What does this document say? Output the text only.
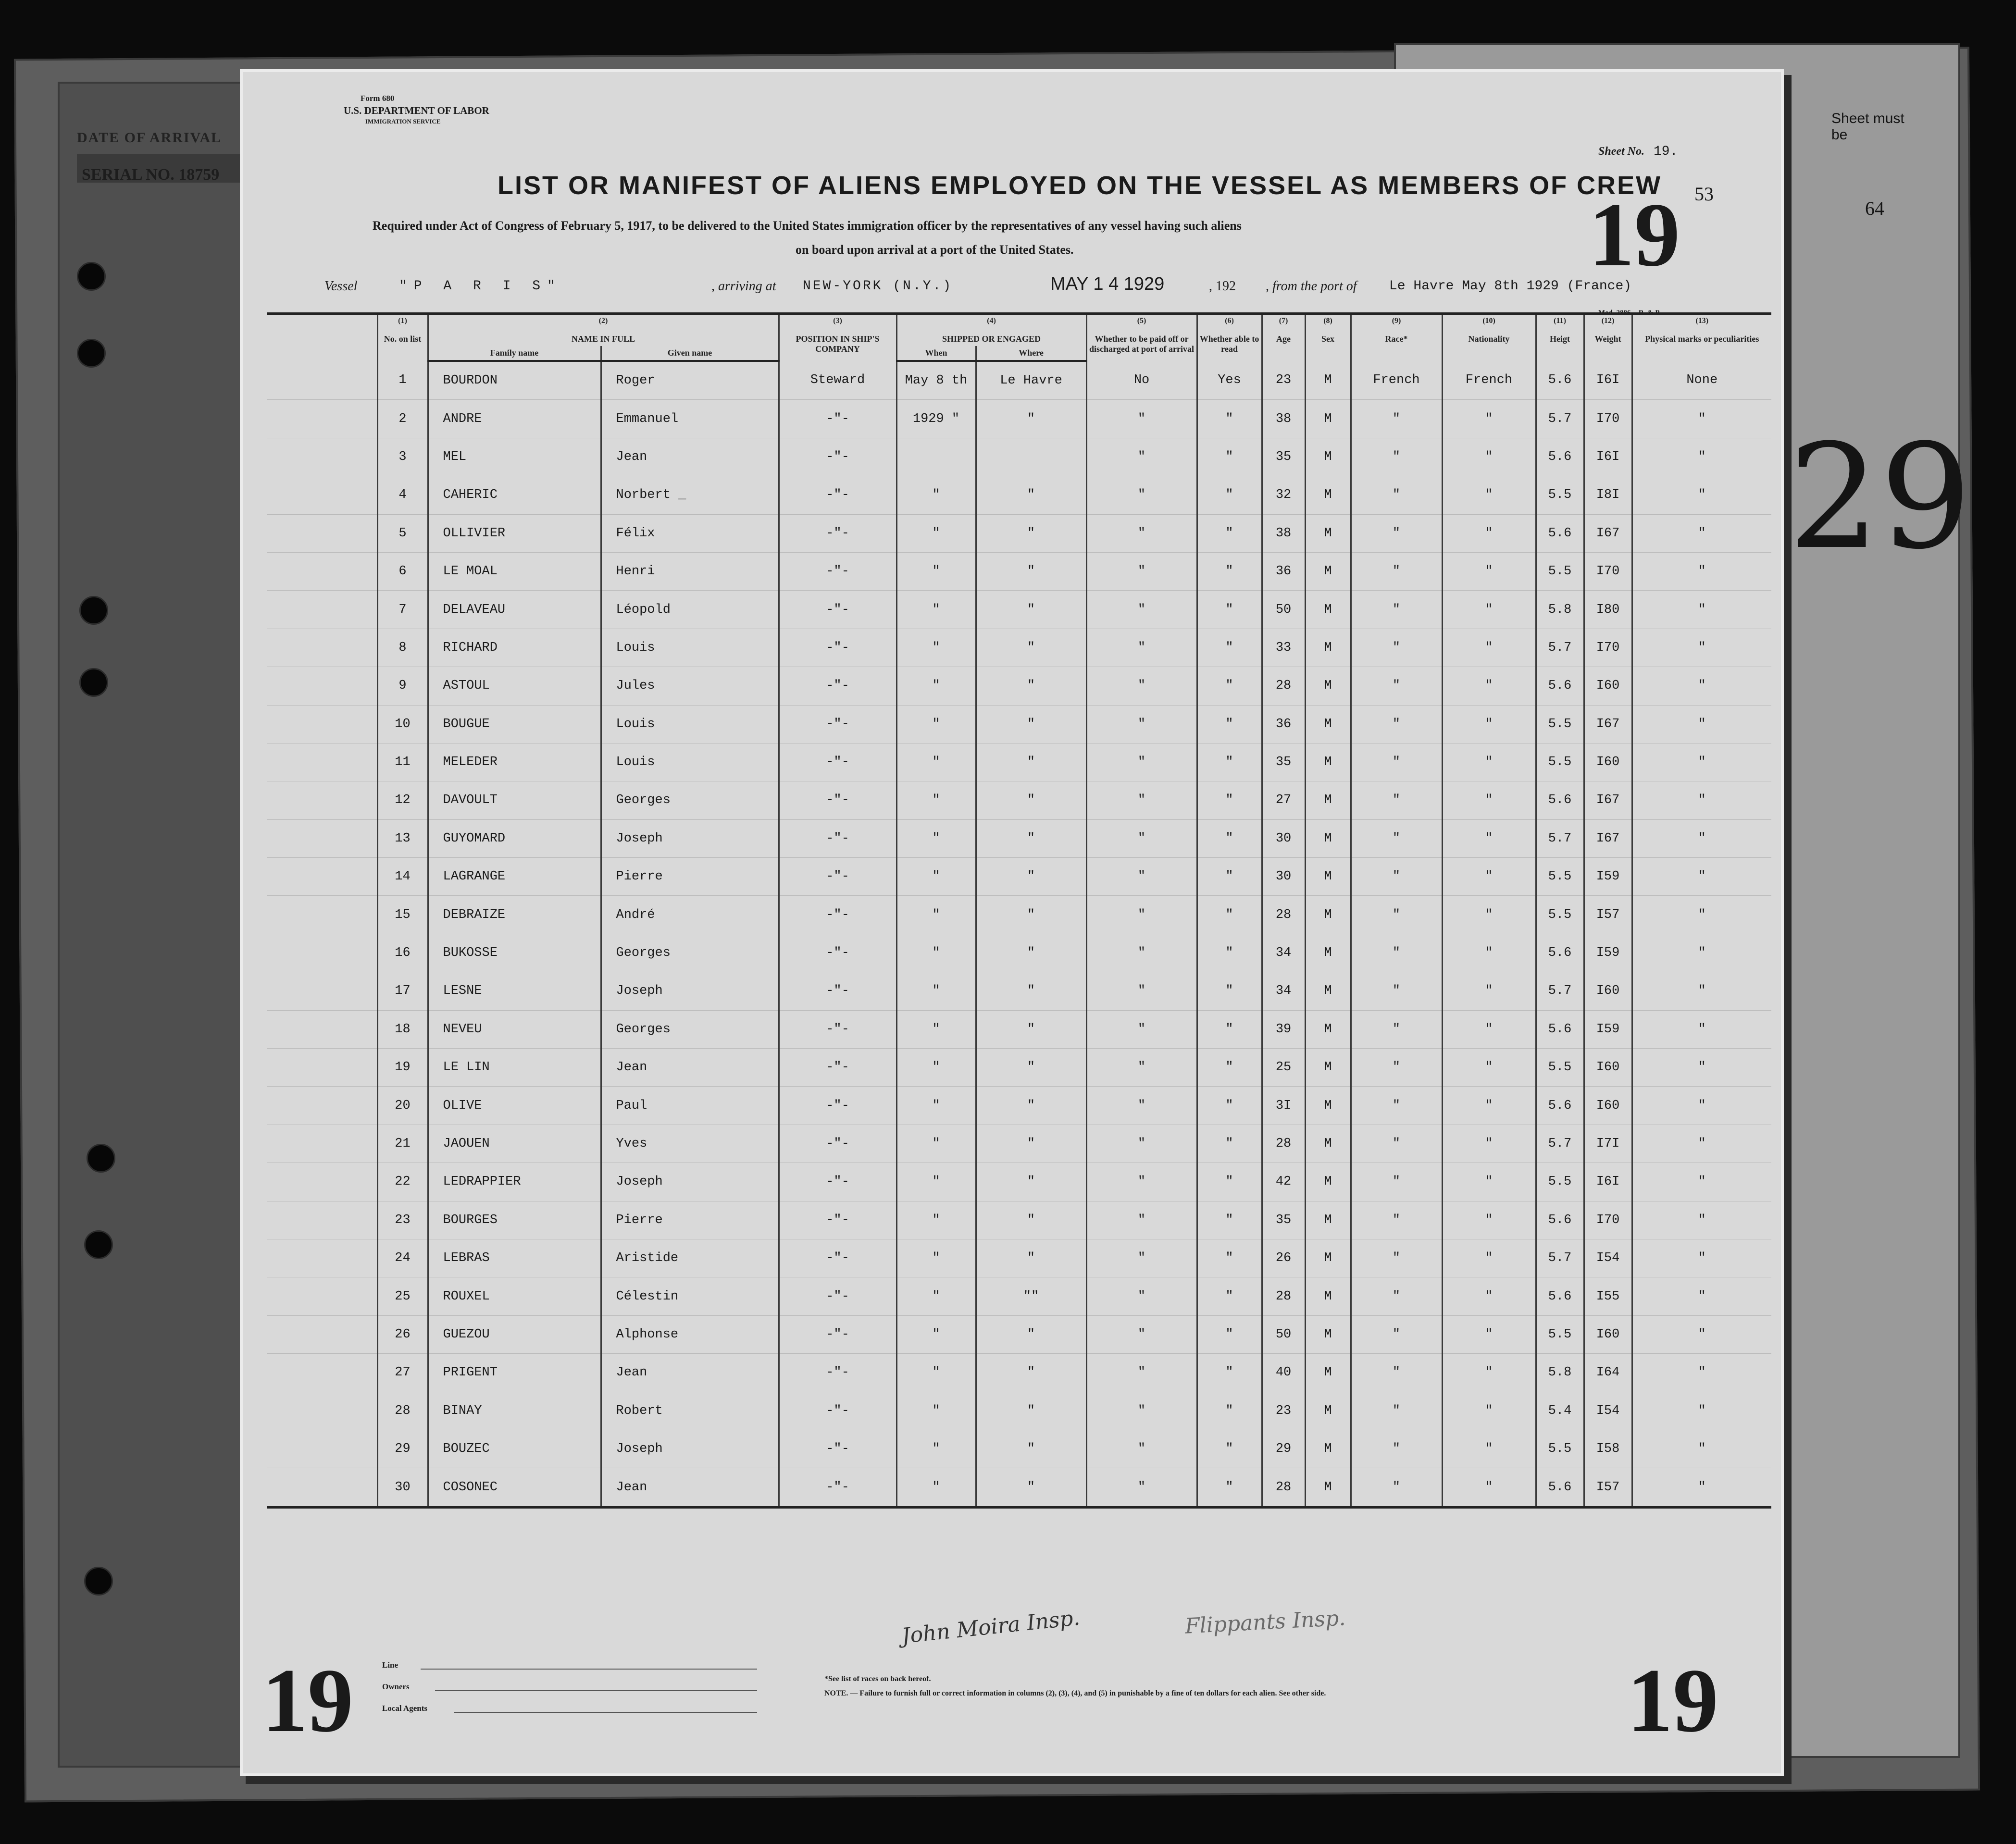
DATE OF ARRIVAL
SERIAL NO. 18759
Sheet must
be
64
29
Form 680
U.S. DEPARTMENT OF LABOR
IMMIGRATION SERVICE
Sheet No. 19.
19 53
LIST OR MANIFEST OF ALIENS EMPLOYED ON THE VESSEL AS MEMBERS OF CREW
Required under Act of Congress of February 5, 1917, to be delivered to the United States immigration officer by the representatives of any vessel having such aliens
on board upon arrival at a port of the United States.
Vessel	"P A R I S"	, arriving at NEW-YORK (N.Y.)	MAY 1 4 1929	, 192 , from the port of Le Havre May 8th 1929 (France)
Mod. 2886. - R. & P.

	(1)
No. on list	(2)
NAME IN FULL		(3)
POSITION IN SHIP'S COMPANY	(4)
SHIPPED OR ENGAGED		(5)
Whether to be paid off or discharged at port of arrival	(6)
Whether able to read	(7)
Age	(8)
Sex	(9)
Race*	(10)
Nationality	(11)
Heigt	(12)
Weight	(13)
Physical marks or peculiarities
		Family name	Given name		When	Where									
	1	BOURDON	Roger	Steward	May 8 th	Le Havre	No	Yes	23	M	French	French	5.6	I6I	None
	2	ANDRE	Emmanuel	-"-	1929 "	"	"	"	38	M	"	"	5.7	I70	"
	3	MEL	Jean	-"-			"	"	35	M	"	"	5.6	I6I	"
	4	CAHERIC	Norbert _	-"-	"	"	"	"	32	M	"	"	5.5	I8I	"
	5	OLLIVIER	Félix	-"-	"	"	"	"	38	M	"	"	5.6	I67	"
	6	LE MOAL	Henri	-"-	"	"	"	"	36	M	"	"	5.5	I70	"
	7	DELAVEAU	Léopold	-"-	"	"	"	"	50	M	"	"	5.8	I80	"
	8	RICHARD	Louis	-"-	"	"	"	"	33	M	"	"	5.7	I70	"
	9	ASTOUL	Jules	-"-	"	"	"	"	28	M	"	"	5.6	I60	"
	10	BOUGUE	Louis	-"-	"	"	"	"	36	M	"	"	5.5	I67	"
	11	MELEDER	Louis	-"-	"	"	"	"	35	M	"	"	5.5	I60	"
	12	DAVOULT	Georges	-"-	"	"	"	"	27	M	"	"	5.6	I67	"
	13	GUYOMARD	Joseph	-"-	"	"	"	"	30	M	"	"	5.7	I67	"
	14	LAGRANGE	Pierre	-"-	"	"	"	"	30	M	"	"	5.5	I59	"
	15	DEBRAIZE	André	-"-	"	"	"	"	28	M	"	"	5.5	I57	"
	16	BUKOSSE	Georges	-"-	"	"	"	"	34	M	"	"	5.6	I59	"
	17	LESNE	Joseph	-"-	"	"	"	"	34	M	"	"	5.7	I60	"
	18	NEVEU	Georges	-"-	"	"	"	"	39	M	"	"	5.6	I59	"
	19	LE LIN	Jean	-"-	"	"	"	"	25	M	"	"	5.5	I60	"
	20	OLIVE	Paul	-"-	"	"	"	"	3I	M	"	"	5.6	I60	"
	21	JAOUEN	Yves	-"-	"	"	"	"	28	M	"	"	5.7	I7I	"
	22	LEDRAPPIER	Joseph	-"-	"	"	"	"	42	M	"	"	5.5	I6I	"
	23	BOURGES	Pierre	-"-	"	"	"	"	35	M	"	"	5.6	I70	"
	24	LEBRAS	Aristide	-"-	"	"	"	"	26	M	"	"	5.7	I54	"
	25	ROUXEL	Célestin	-"-	"	""	"	"	28	M	"	"	5.6	I55	"
	26	GUEZOU	Alphonse	-"-	"	"	"	"	50	M	"	"	5.5	I60	"
	27	PRIGENT	Jean	-"-	"	"	"	"	40	M	"	"	5.8	I64	"
	28	BINAY	Robert	-"-	"	"	"	"	23	M	"	"	5.4	I54	"
	29	BOUZEC	Joseph	-"-	"	"	"	"	29	M	"	"	5.5	I58	"
	30	COSONEC	Jean	-"-	"	"	"	"	28	M	"	"	5.6	I57	"
19	19
Line
Owners
Local Agents
*See list of races on back hereof.
NOTE. — Failure to furnish full or correct information in columns (2), (3), (4), and (5) in punishable by a fine of ten dollars for each alien. See other side.
John Moira Insp.	Flippants Insp.
